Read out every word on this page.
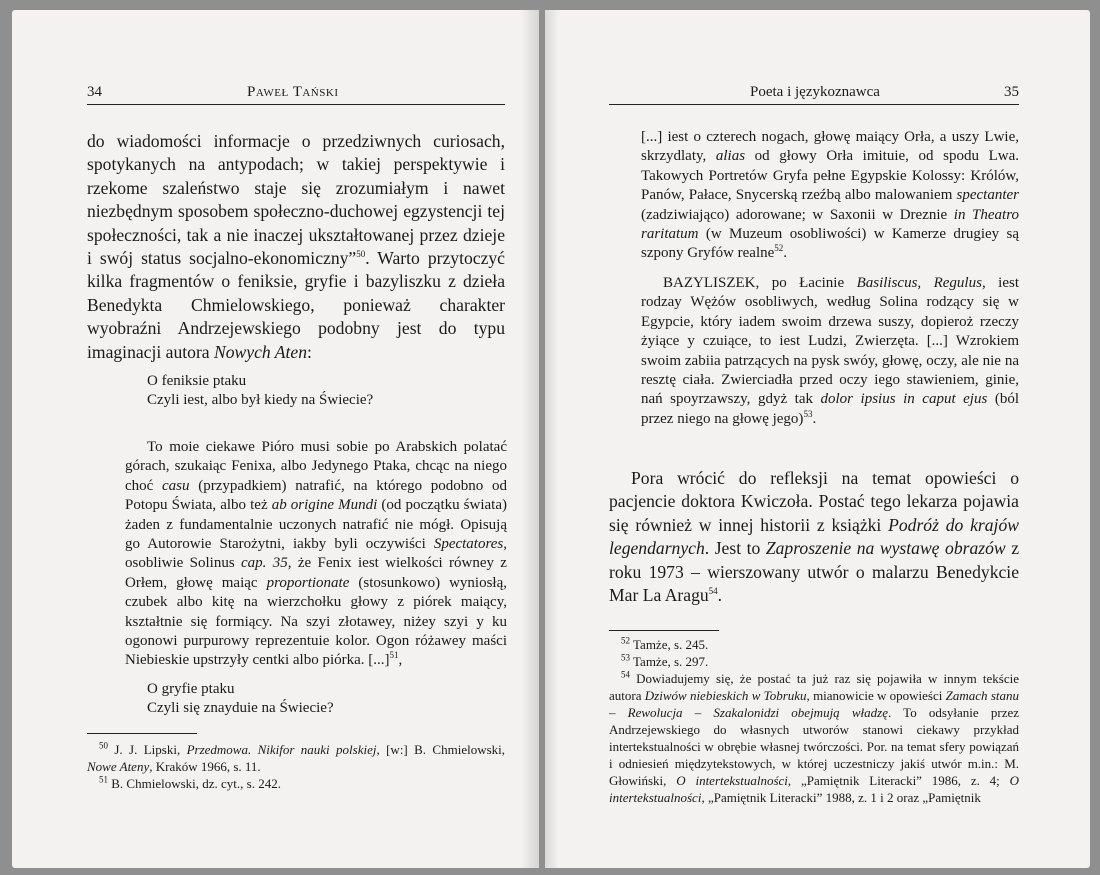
34	Paweł Tański

do wiadomości informacje o przedziwnych curiosach, spotykanych na antypodach; w takiej perspektywie i rzekome szaleństwo staje się zrozumiałym i nawet niezbędnym sposobem społeczno-duchowej egzystencji tej społeczności, tak a nie inaczej ukształtowanej przez dzieje i swój status socjalno-ekonomiczny”$^{50}$. Warto przytoczyć kilka fragmentów o feniksie, gryfie i bazyliszku z dzieła Benedykta Chmielowskiego, ponieważ charakter wyobraźni Andrzejewskiego podobny jest do typu imaginacji autora Nowych Aten:

O feniksie ptaku

Czyli iest, albo był kiedy na Świecie?

To moie ciekawe Pióro musi sobie po Arabskich polatać górach, szukaiąc Fenixa, albo Jedynego Ptaka, chcąc na niego choć casu (przypadkiem) natrafić, na którego podobno od Potopu Świata, albo też ab origine Mundi (od początku świata) żaden z fundamentalnie uczonych natrafić nie mógł. Opisują go Autorowie Starożytni, iakby byli oczywiści Spectatores, osobliwie Solinus cap. 35, że Fenix iest wielkości równey z Orłem, głowę maiąc proportionate (stosunkowo) wyniosłą, czubek albo kitę na wierzchołku głowy z piórek maiący, kształtnie się formiący. Na szyi złotawey, niżey szyi y ku ogonowi purpurowy reprezentuie kolor. Ogon różawey maści Niebieskie upstrzyły centki albo piórka. [...]$^{51}$,

O gryfie ptaku

Czyli się znayduie na Świecie?

$^{50}$ J. J. Lipski, Przedmowa. Nikifor nauki polskiej, [w:] B. Chmielowski, Nowe Ateny, Kraków 1966, s. 11.

$^{51}$ B. Chmielowski, dz. cyt., s. 242.

Poeta i językoznawca	35

[...] iest o czterech nogach, głowę maiący Orła, a uszy Lwie, skrzydlaty, alias od głowy Orła imituie, od spodu Lwa. Takowych Portretów Gryfa pełne Egypskie Kolossy: Królów, Panów, Pałace, Snycerską rzeźbą albo malowaniem spectanter (zadziwiająco) adorowane; w Saxonii w Dreznie in Theatro raritatum (w Muzeum osobliwości) w Kamerze drugiey są szpony Gryfów realne$^{52}$.

BAZYLISZEK, po Łacinie Basiliscus, Regulus, iest rodzay Wężów osobliwych, według Solina rodzący się w Egypcie, który iadem swoim drzewa suszy, dopieroż rzeczy żyiące y czuiące, to iest Ludzi, Zwierzęta. [...] Wzrokiem swoim zabiia patrzących na pysk swóy, głowę, oczy, ale nie na resztę ciała. Zwierciadła przed oczy iego stawieniem, ginie, nań spoyrzawszy, gdyż tak dolor ipsius in caput ejus (ból przez niego na głowę jego)$^{53}$.

Pora wrócić do refleksji na temat opowieści o pacjencie doktora Kwiczoła. Postać tego lekarza pojawia się również w innej historii z książki Podróż do krajów legendarnych. Jest to Zaproszenie na wystawę obrazów z roku 1973 – wierszowany utwór o malarzu Benedykcie Mar La Aragu$^{54}$.

$^{52}$ Tamże, s. 245.

$^{53}$ Tamże, s. 297.

$^{54}$ Dowiadujemy się, że postać ta już raz się pojawiła w innym tekście autora Dziwów niebieskich w Tobruku, mianowicie w opowieści Zamach stanu – Rewolucja – Szakalonidzi obejmują władzę. To odsyłanie przez Andrzejewskiego do własnych utworów stanowi ciekawy przykład intertekstualności w obrębie własnej twórczości. Por. na temat sfery powiązań i odniesień międzytekstowych, w której uczestniczy jakiś utwór m.in.: M. Głowiński, O intertekstualności, „Pamiętnik Literacki” 1986, z. 4; O intertekstualności, „Pamiętnik Literacki” 1988, z. 1 i 2 oraz „Pamiętnik
